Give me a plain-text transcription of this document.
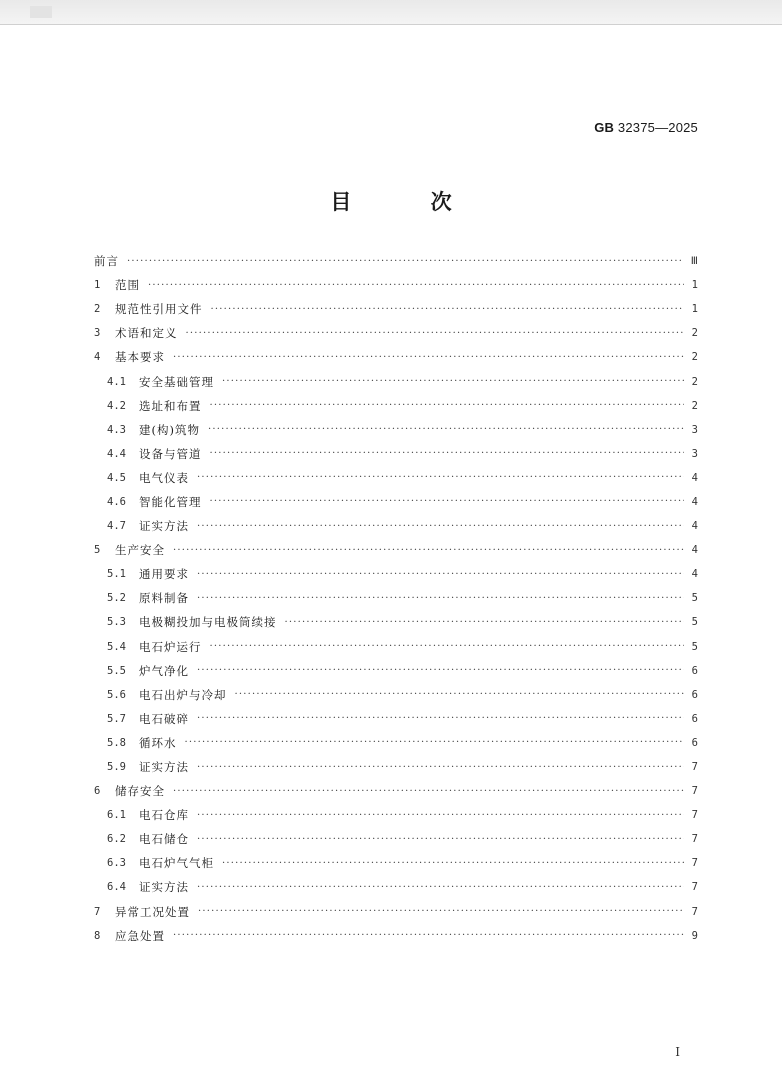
GB 32375—2025
目 次
前言 ·····	Ⅲ
1	范围 ·····	1
2	规范性引用文件 ·····	1
3	术语和定义 ·····	2
4	基本要求 ·····	2
4.1	安全基础管理 ·····	2
4.2	选址和布置 ·····	2
4.3	建(构)筑物 ·····	3
4.4	设备与管道 ·····	3
4.5	电气仪表 ·····	4
4.6	智能化管理 ·····	4
4.7	证实方法 ·····	4
5	生产安全 ·····	4
5.1	通用要求 ·····	4
5.2	原料制备 ·····	5
5.3	电极糊投加与电极筒续接 ·····	5
5.4	电石炉运行 ·····	5
5.5	炉气净化 ·····	6
5.6	电石出炉与冷却 ·····	6
5.7	电石破碎 ·····	6
5.8	循环水 ·····	6
5.9	证实方法 ·····	7
6	储存安全 ·····	7
6.1	电石仓库 ·····	7
6.2	电石储仓 ·····	7
6.3	电石炉气气柜 ·····	7
6.4	证实方法 ·····	7
7	异常工况处置 ·····	7
8	应急处置 ·····	9
I
